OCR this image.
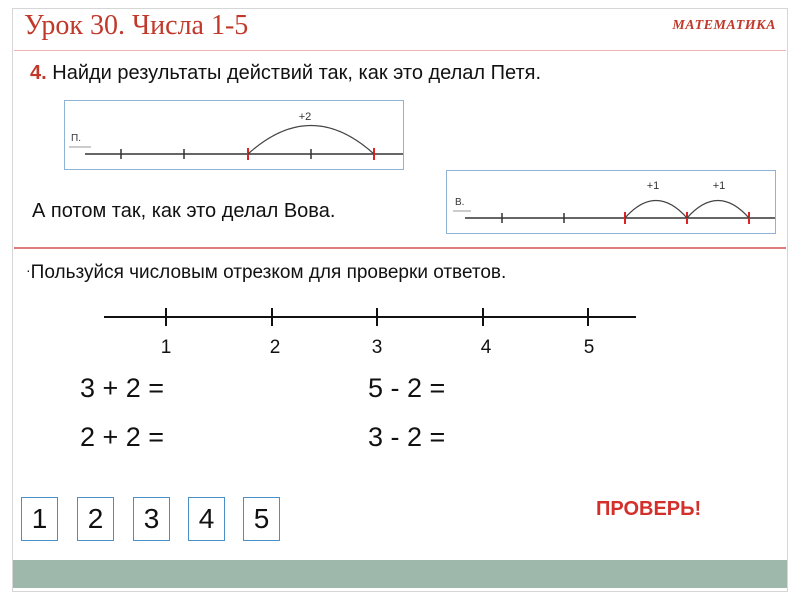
Урок 30. Числа 1-5	МАТЕМАТИКА
4. Найди результаты действий так, как это делал Петя.
П.
+2
А потом так, как это делал Вова.	В.
+1	+1
·Пользуйся числовым отрезком для проверки ответов.
1	2	3	4	5
3 + 2 =
2 + 2 =
5 - 2 =
3 - 2 =
1	2	3	4	5	ПРОВЕРЬ!
